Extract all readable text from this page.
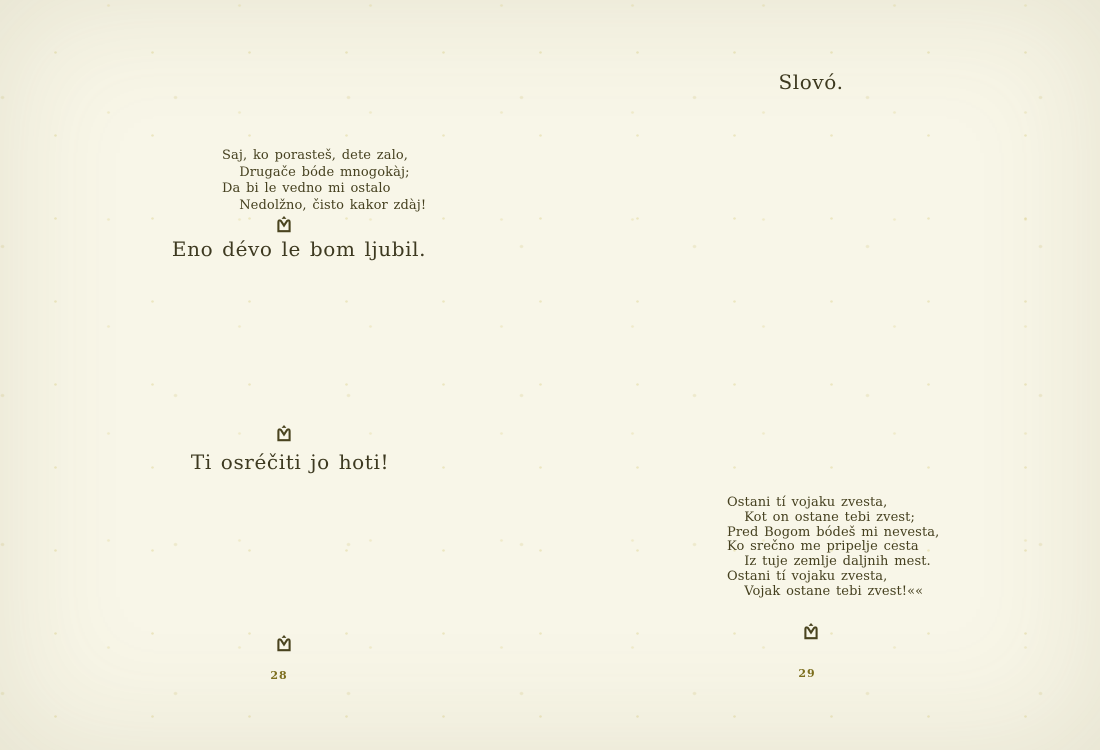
Saj, ko porasteš, dete zalo,
Drugače bóde mnogokàj;
Da bi le vedno mi ostalo
Nedolžno, čisto kakor zdàj!
Eno dévo le bom ljubil.
Ti osréčiti jo hoti!
28
Slovó.
Ostani tí vojaku zvesta,
Kot on ostane tebi zvest;
Pred Bogom bódeš mi nevesta,
Ko srečno me pripelje cesta
Iz tuje zemlje daljnih mest.
Ostani tí vojaku zvesta,
Vojak ostane tebi zvest!««
29
